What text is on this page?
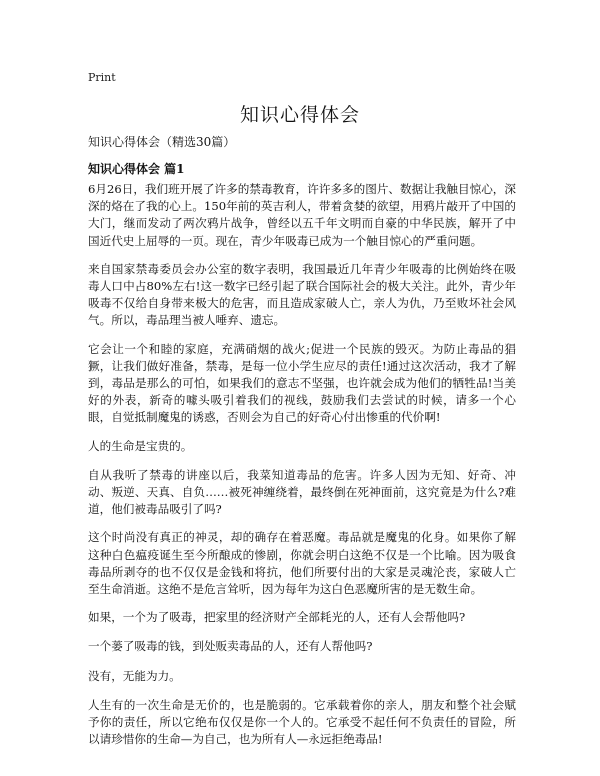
Print
知识心得体会
知识心得体会（精选30篇）
知识心得体会 篇1

6月26日，我们班开展了许多的禁毒教育，许许多多的图片、数据让我触目惊心，深深的烙在了我的心上。150年前的英吉利人，带着贪婪的欲望，用鸦片敲开了中国的大门，继而发动了两次鸦片战争，曾经以五千年文明而自豪的中华民族，解开了中国近代史上屈辱的一页。现在，青少年吸毒已成为一个触目惊心的严重问题。

来自国家禁毒委员会办公室的数字表明，我国最近几年青少年吸毒的比例始终在吸毒人口中占80%左右!这一数字已经引起了联合国际社会的极大关注。此外，青少年吸毒不仅给自身带来极大的危害，而且造成家破人亡，亲人为仇，乃至败坏社会风气。所以，毒品理当被人唾弃、遗忘。

它会让一个和睦的家庭，充满硝烟的战火;促进一个民族的毁灭。为防止毒品的猖獗，让我们做好准备，禁毒，是每一位小学生应尽的责任!通过这次活动，我才了解到，毒品是那么的可怕，如果我们的意志不坚强，也许就会成为他们的牺牲品!当美好的外表，新奇的噱头吸引着我们的视线，鼓励我们去尝试的时候，请多一个心眼，自觉抵制魔鬼的诱惑，否则会为自己的好奇心付出惨重的代价啊!

人的生命是宝贵的。

自从我听了禁毒的讲座以后，我菜知道毒品的危害。许多人因为无知、好奇、冲动、叛逆、天真、自负……被死神缠绕着，最终倒在死神面前，这究竟是为什么?难道，他们被毒品吸引了吗?

这个时尚没有真正的神灵，却的确存在着恶魔。毒品就是魔鬼的化身。如果你了解这种白色瘟疫诞生至今所酿成的惨剧，你就会明白这绝不仅是一个比喻。因为吸食毒品所剥夺的也不仅仅是金钱和将抗，他们所要付出的大家是灵魂沦丧，家破人亡至生命消逝。这绝不是危言耸听，因为每年为这白色恶魔所害的是无数生命。

如果，一个为了吸毒，把家里的经济财产全部耗光的人，还有人会帮他吗?

一个蒌了吸毒的钱，到处贩卖毒品的人，还有人帮他吗?

没有，无能为力。

人生有的一次生命是无价的，也是脆弱的。它承载着你的亲人，朋友和整个社会赋予你的责任，所以它绝布仅仅是你一个人的。它承受不起任何不负责任的冒险，所以请珍惜你的生命—为自己，也为所有人—永远拒绝毒品!
